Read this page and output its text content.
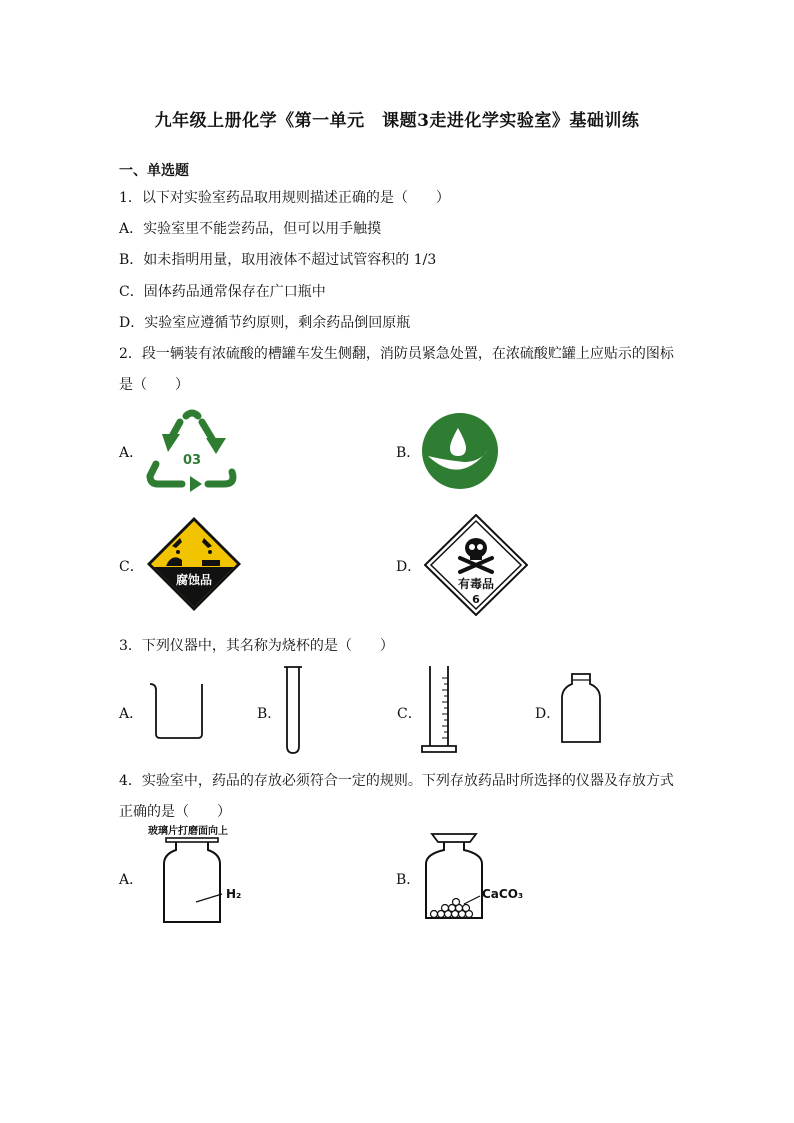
九年级上册化学《第一单元　课题3走进化学实验室》基础训练
一、单选题
1．以下对实验室药品取用规则描述正确的是（　　）
A．实验室里不能尝药品，但可以用手触摸
B．如未指明用量，取用液体不超过试管容积的 1/3
C．固体药品通常保存在广口瓶中
D．实验室应遵循节约原则，剩余药品倒回原瓶
2．段一辆装有浓硫酸的槽罐车发生侧翻，消防员紧急处置，在浓硫酸贮罐上应贴示的图标
是（　　）
A．	03	B．
C．
腐蚀品
D．
有毒品
6
3．下列仪器中，其名称为烧杯的是（　　）
A．	B．	C．	D．
4．实验室中，药品的存放必须符合一定的规则。下列存放药品时所选择的仪器及存放方式
正确的是（　　）
A．
玻璃片打磨面向上
H₂
B．
CaCO₃
